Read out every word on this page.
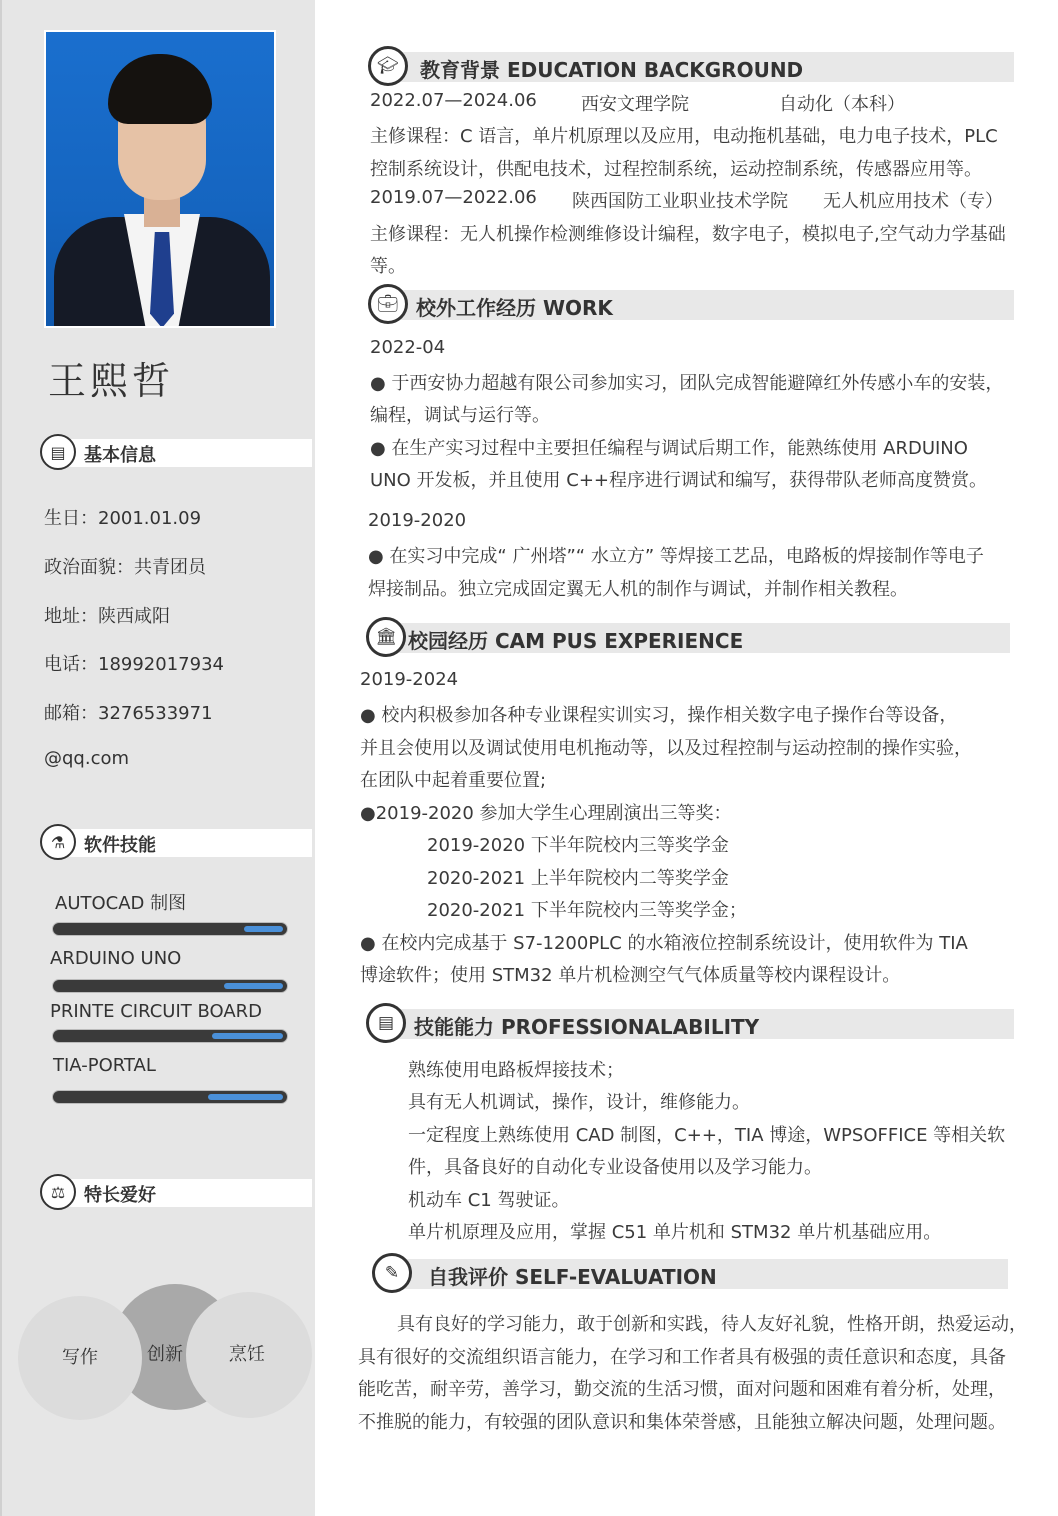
王熙哲
▤	基本信息
生日：2001.01.09
政治面貌：共青团员
地址：陕西咸阳
电话：18992017934
邮箱：3276533971
@qq.com
⚗	软件技能
AUTOCAD 制图
ARDUINO UNO
PRINTE CIRCUIT BOARD
TIA-PORTAL
⚖	特长爱好
写作	烹饪
创新
🎓︎	教育背景 EDUCATION BACKGROUND
2022.07—2024.06 西安文理学院	自动化（本科）
主修课程：C 语言，单片机原理以及应用，电动拖机基础，电力电子技术，PLC
控制系统设计，供配电技术，过程控制系统，运动控制系统，传感器应用等。
2019.07—2022.06 陕西国防工业职业技术学院 无人机应用技术（专）
主修课程：无人机操作检测维修设计编程，数字电子，模拟电子,空气动力学基础
等。
💼︎ 校外工作经历 WORK
2022-04
● 于西安协力超越有限公司参加实习，团队完成智能避障红外传感小车的安装，
编程，调试与运行等。
● 在生产实习过程中主要担任编程与调试后期工作，能熟练使用 ARDUINO
UNO 开发板，并且使用 C++程序进行调试和编写，获得带队老师高度赞赏。
2019-2020
● 在实习中完成“ 广州塔”“ 水立方” 等焊接工艺品，电路板的焊接制作等电子
焊接制品。独立完成固定翼无人机的制作与调试，并制作相关教程。
🏛︎ 校园经历 CAM PUS EXPERIENCE
2019-2024
● 校内积极参加各种专业课程实训实习，操作相关数字电子操作台等设备，
并且会使用以及调试使用电机拖动等，以及过程控制与运动控制的操作实验，
在团队中起着重要位置;
●2019-2020 参加大学生心理剧演出三等奖：
2019-2020 下半年院校内三等奖学金
2020-2021 上半年院校内二等奖学金
2020-2021 下半年院校内三等奖学金；
● 在校内完成基于 S7-1200PLC 的水箱液位控制系统设计，使用软件为 TIA
博途软件；使用 STM32 单片机检测空气气体质量等校内课程设计。
▤ 技能能力 PROFESSIONALABILITY
熟练使用电路板焊接技术；
具有无人机调试，操作，设计，维修能力。
一定程度上熟练使用 CAD 制图，C++，TIA 博途，WPSOFFICE 等相关软
件，具备良好的自动化专业设备使用以及学习能力。
机动车 C1 驾驶证。
单片机原理及应用，掌握 C51 单片机和 STM32 单片机基础应用。
✎	自我评价 SELF-EVALUATION
具有良好的学习能力，敢于创新和实践，待人友好礼貌，性格开朗，热爱运动，
具有很好的交流组织语言能力，在学习和工作者具有极强的责任意识和态度，具备
能吃苦，耐辛劳，善学习，勤交流的生活习惯，面对问题和困难有着分析，处理，
不推脱的能力，有较强的团队意识和集体荣誉感，且能独立解决问题，处理问题。
